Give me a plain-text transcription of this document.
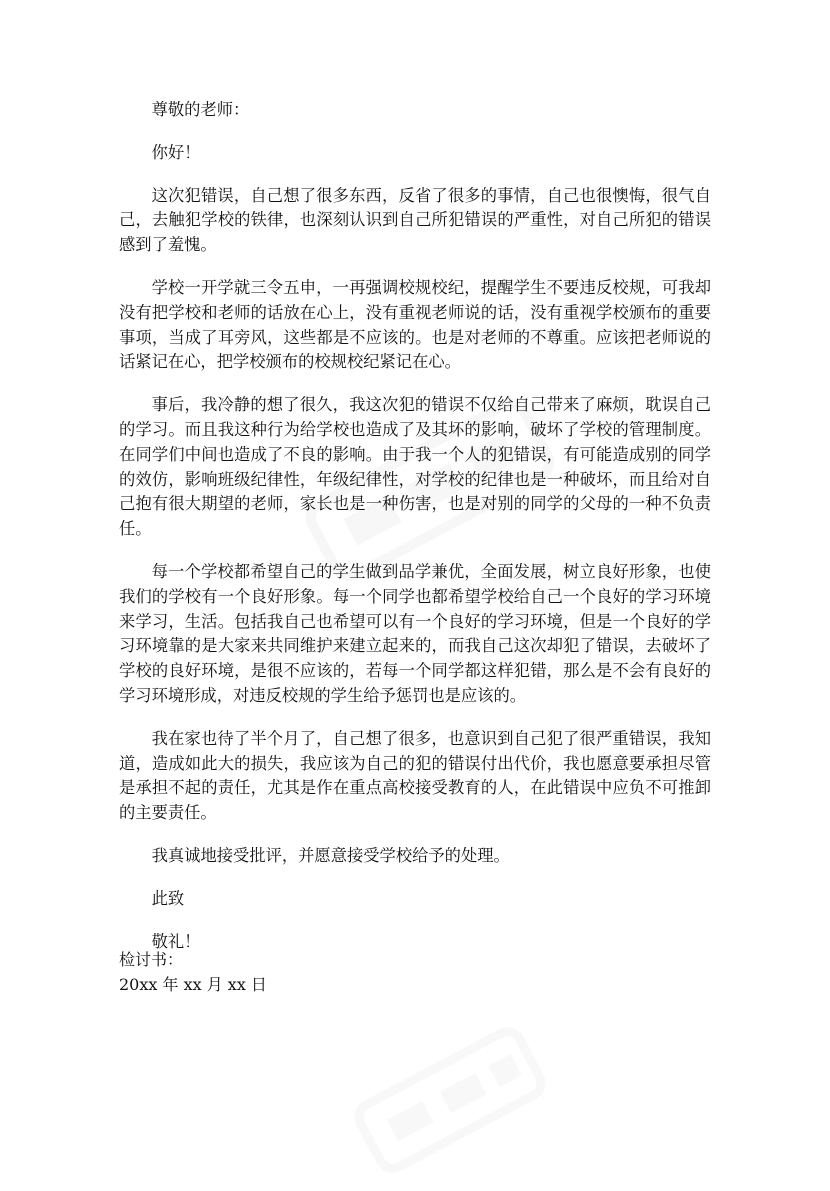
尊敬的老师：

你好！

这次犯错误，自己想了很多东西，反省了很多的事情，自己也很懊悔，很气自己，去触犯学校的铁律，也深刻认识到自己所犯错误的严重性，对自己所犯的错误感到了羞愧。

学校一开学就三令五申，一再强调校规校纪，提醒学生不要违反校规，可我却没有把学校和老师的话放在心上，没有重视老师说的话，没有重视学校颁布的重要事项，当成了耳旁风，这些都是不应该的。也是对老师的不尊重。应该把老师说的话紧记在心，把学校颁布的校规校纪紧记在心。

事后，我冷静的想了很久，我这次犯的错误不仅给自己带来了麻烦，耽误自己的学习。而且我这种行为给学校也造成了及其坏的影响，破坏了学校的管理制度。在同学们中间也造成了不良的影响。由于我一个人的犯错误，有可能造成别的同学的效仿，影响班级纪律性，年级纪律性，对学校的纪律也是一种破坏，而且给对自己抱有很大期望的老师，家长也是一种伤害，也是对别的同学的父母的一种不负责任。

每一个学校都希望自己的学生做到品学兼优，全面发展，树立良好形象，也使我们的学校有一个良好形象。每一个同学也都希望学校给自己一个良好的学习环境来学习，生活。包括我自己也希望可以有一个良好的学习环境，但是一个良好的学习环境靠的是大家来共同维护来建立起来的，而我自己这次却犯了错误，去破坏了学校的良好环境，是很不应该的，若每一个同学都这样犯错，那么是不会有良好的学习环境形成，对违反校规的学生给予惩罚也是应该的。

我在家也待了半个月了，自己想了很多，也意识到自己犯了很严重错误，我知道，造成如此大的损失，我应该为自己的犯的错误付出代价，我也愿意要承担尽管是承担不起的责任，尤其是作在重点高校接受教育的人，在此错误中应负不可推卸的主要责任。

我真诚地接受批评，并愿意接受学校给予的处理。

此致

敬礼！

检讨书：
20xx 年 xx 月 xx 日
